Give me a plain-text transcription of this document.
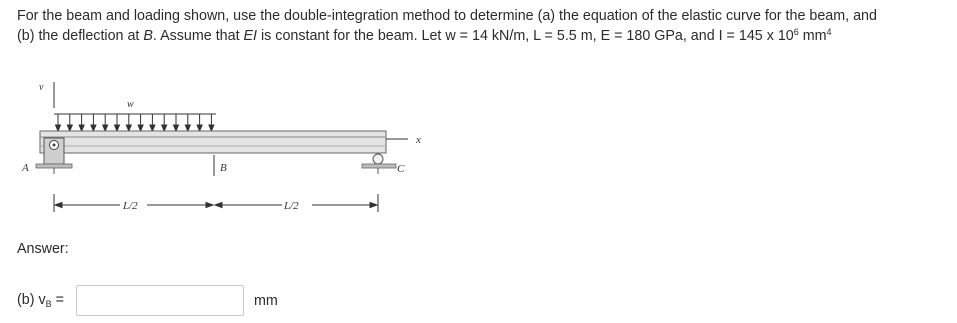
For the beam and loading shown, use the double-integration method to determine (a) the equation of the elastic curve for the beam, and
(b) the deflection at B. Assume that EI is constant for the beam. Let w = 14 kN/m, L = 5.5 m, E = 180 GPa, and I = 145 x $10^6$ $mm^4$
v
w
x
A	C
B
L/2	L/2
Answer:
(b) $v_B$ =	mm
